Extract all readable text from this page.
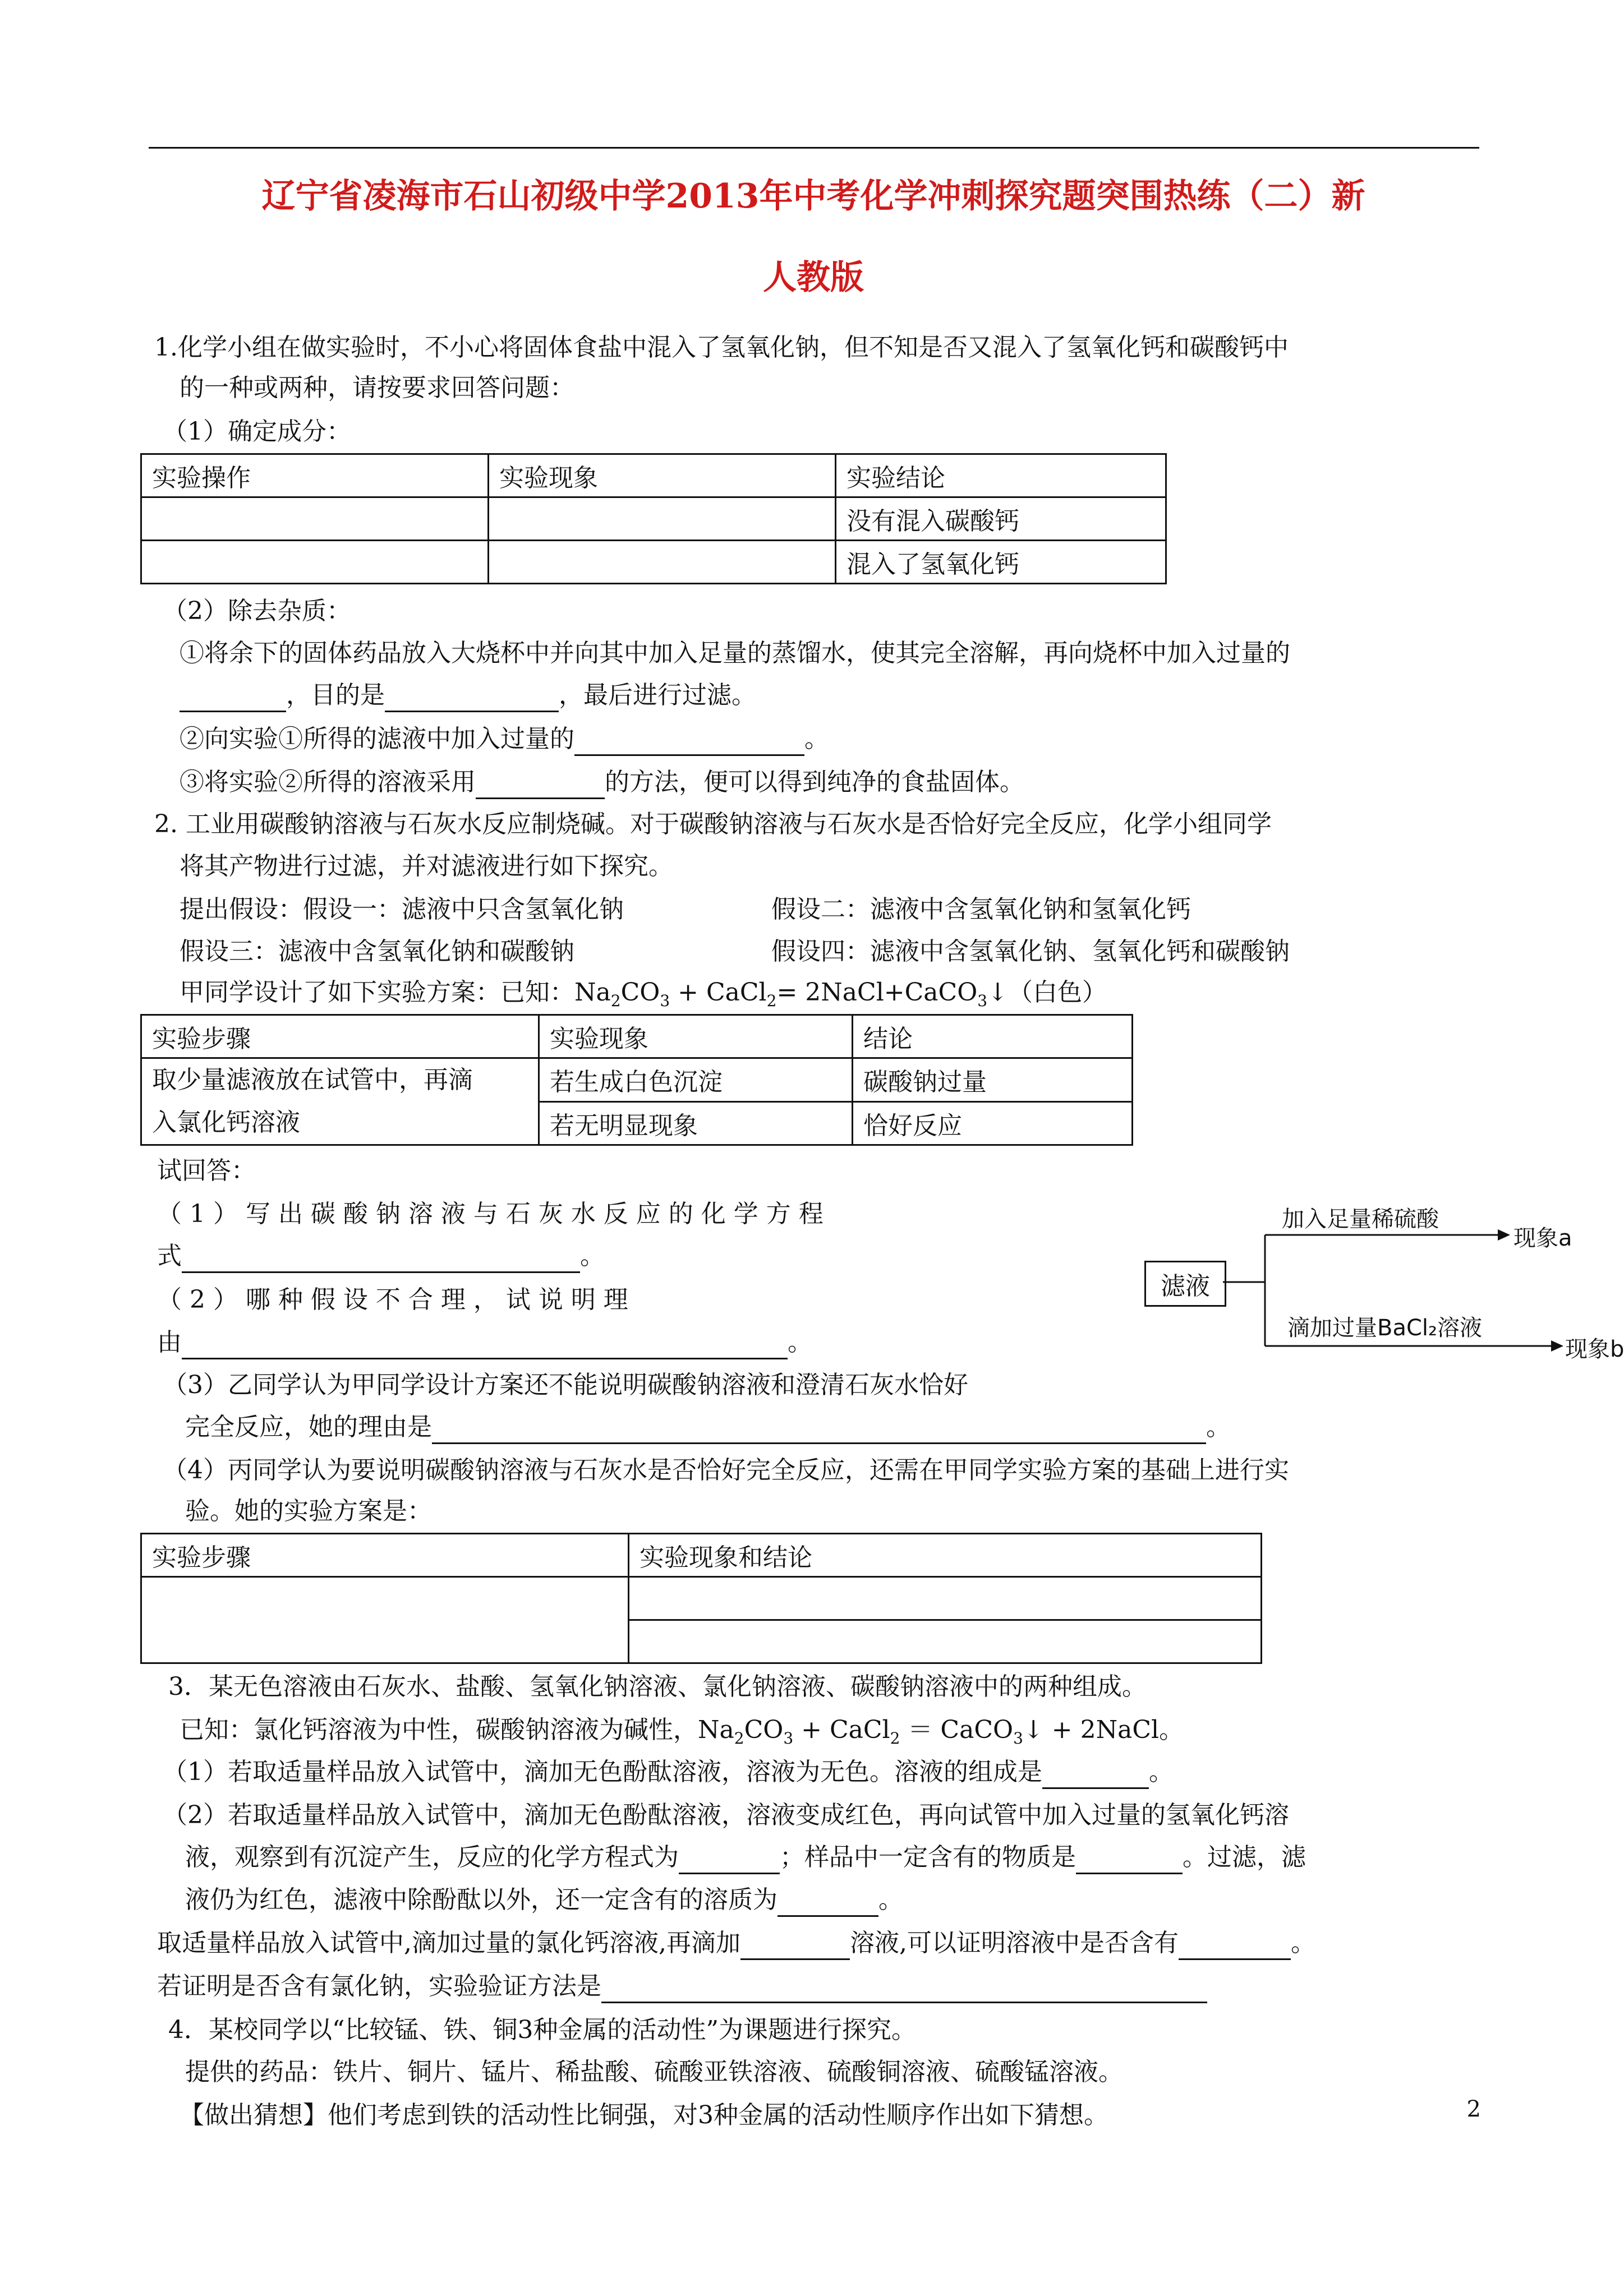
辽宁省凌海市石山初级中学2013年中考化学冲刺探究题突围热练（二）新
人教版
1.化学小组在做实验时，不小心将固体食盐中混入了氢氧化钠，但不知是否又混入了氢氧化钙和碳酸钙中
的一种或两种，请按要求回答问题：
（1）确定成分：
实验操作	实验现象	实验结论
		没有混入碳酸钙
		混入了氢氧化钙
（2）除去杂质：
①将余下的固体药品放入大烧杯中并向其中加入足量的蒸馏水，使其完全溶解，再向烧杯中加入过量的
，目的是	，最后进行过滤。
②向实验①所得的滤液中加入过量的	。
③将实验②所得的溶液采用	的方法，便可以得到纯净的食盐固体。
2. 工业用碳酸钠溶液与石灰水反应制烧碱。对于碳酸钠溶液与石灰水是否恰好完全反应，化学小组同学
将其产物进行过滤，并对滤液进行如下探究。
提出假设：假设一：滤液中只含氢氧化钠	假设二：滤液中含氢氧化钠和氢氧化钙
假设三：滤液中含氢氧化钠和碳酸钠	假设四：滤液中含氢氧化钠、氢氧化钙和碳酸钠
甲同学设计了如下实验方案：已知：$Na_2CO_3$ + CaCl$_2$= 2NaCl+CaCO$_3$↓（白色）
实验步骤	实验现象	结论

取少量滤液放在试管中，再滴
入氯化钙溶液	若生成白色沉淀	碳酸钠过量
	若无明显现象	恰好反应
试回答：
（ 1 ） 写 出 碳 酸 钠 溶 液 与 石 灰 水 反 应 的 化 学 方 程
式	。
（ 2 ） 哪 种 假 设 不 合 理 ， 试 说 明 理
由	。
（3）乙同学认为甲同学设计方案还不能说明碳酸钠溶液和澄清石灰水恰好
完全反应，她的理由是	。
（4）丙同学认为要说明碳酸钠溶液与石灰水是否恰好完全反应，还需在甲同学实验方案的基础上进行实
验。她的实验方案是：
实验步骤	实验现象和结论

滤液
加入足量稀硫酸
现象a
滴加过量BaCl₂溶液
现象b
3．某无色溶液由石灰水、盐酸、氢氧化钠溶液、氯化钠溶液、碳酸钠溶液中的两种组成。
已知：氯化钙溶液为中性，碳酸钠溶液为碱性，$Na_2CO_3$ + CaCl$_2$ ＝ CaCO$_3$↓ + 2NaCl。
（1）若取适量样品放入试管中，滴加无色酚酞溶液，溶液为无色。溶液的组成是	。
（2）若取适量样品放入试管中，滴加无色酚酞溶液，溶液变成红色，再向试管中加入过量的氢氧化钙溶
液，观察到有沉淀产生，反应的化学方程式为	；样品中一定含有的物质是	。过滤，滤
液仍为红色，滤液中除酚酞以外，还一定含有的溶质为	。
取适量样品放入试管中,滴加过量的氯化钙溶液,再滴加	溶液,可以证明溶液中是否含有	。
若证明是否含有氯化钠，实验验证方法是
4．某校同学以“比较锰、铁、铜3种金属的活动性”为课题进行探究。
提供的药品：铁片、铜片、锰片、稀盐酸、硫酸亚铁溶液、硫酸铜溶液、硫酸锰溶液。
【做出猜想】他们考虑到铁的活动性比铜强，对3种金属的活动性顺序作出如下猜想。	2
